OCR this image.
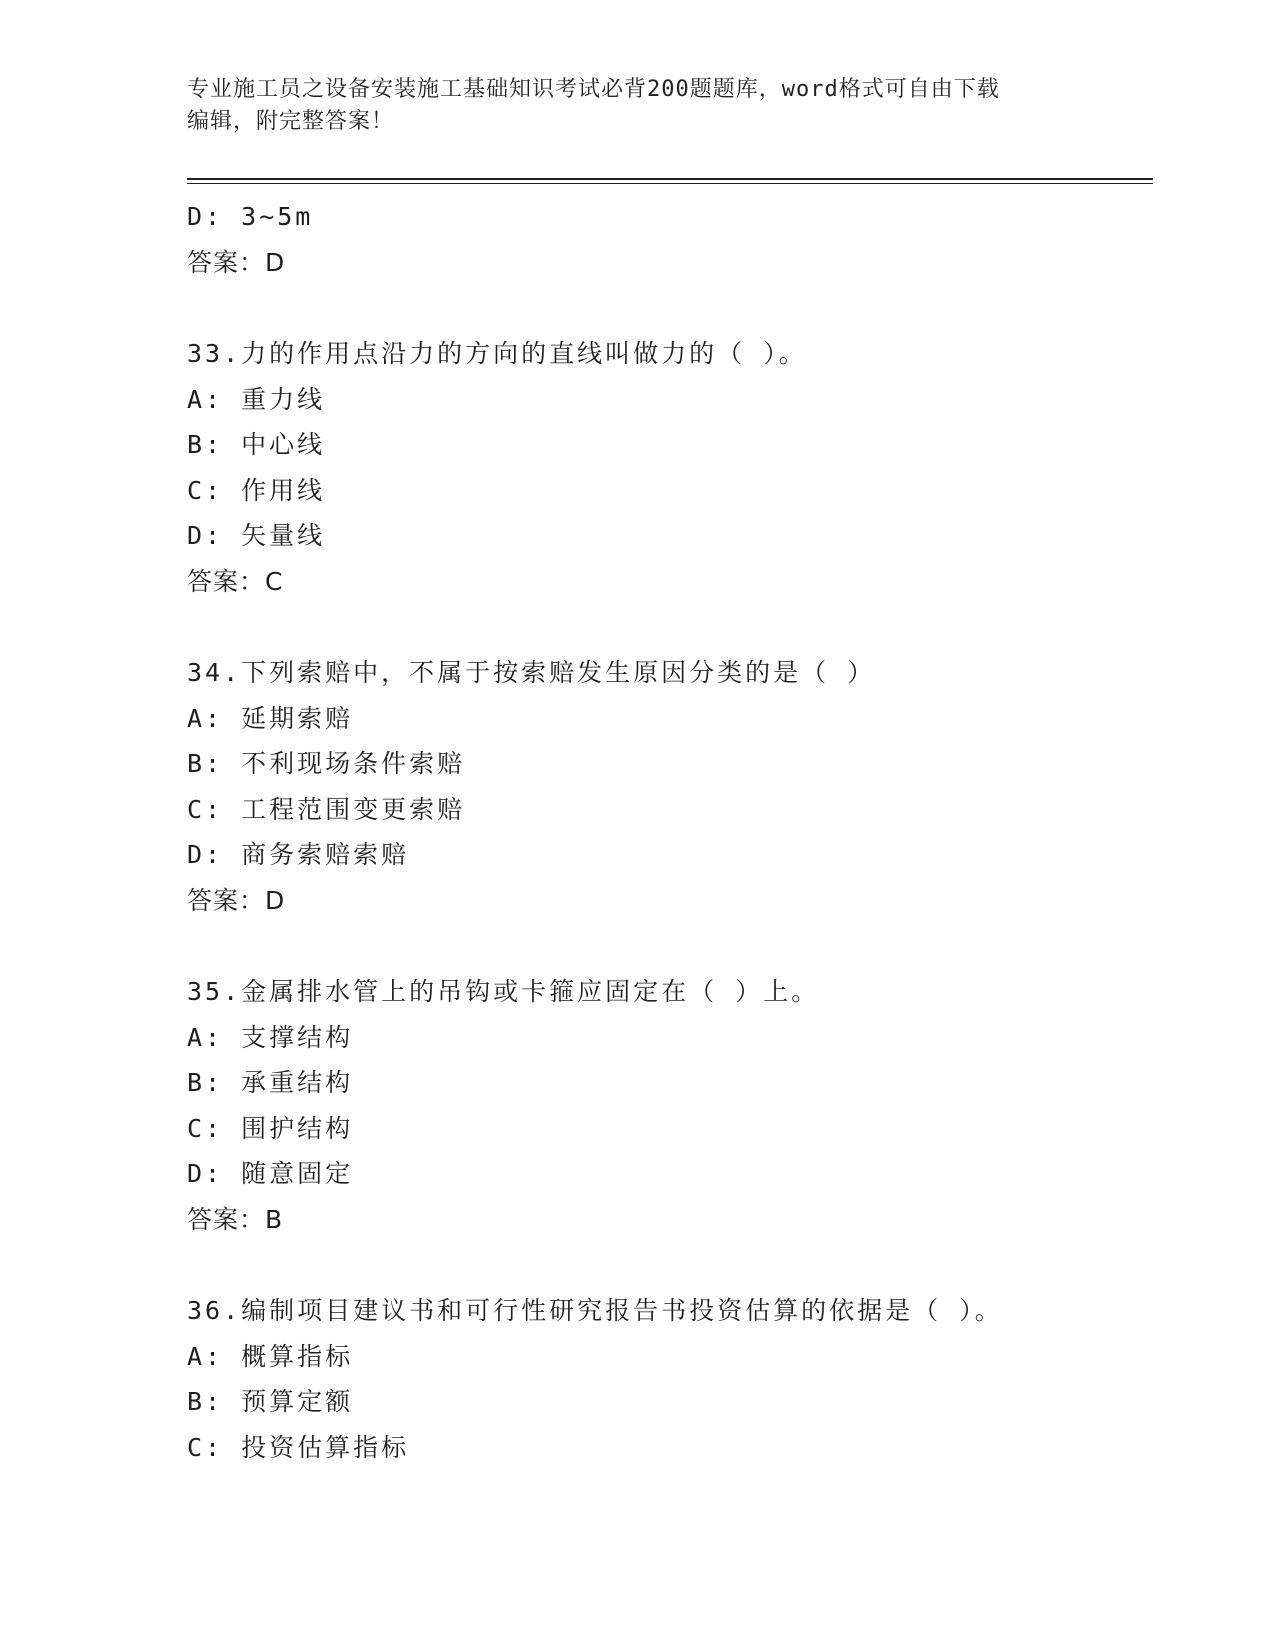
专业施工员之设备安装施工基础知识考试必背200题题库，word格式可自由下载
编辑，附完整答案！
D: 3~5m
答案：D
33.力的作用点沿力的方向的直线叫做力的（ ）。
A: 重力线
B: 中心线
C: 作用线
D: 矢量线
答案：C
34.下列索赔中，不属于按索赔发生原因分类的是（ ）
A: 延期索赔
B: 不利现场条件索赔
C: 工程范围变更索赔
D: 商务索赔索赔
答案：D
35.金属排水管上的吊钩或卡箍应固定在（ ）上。
A: 支撑结构
B: 承重结构
C: 围护结构
D: 随意固定
答案：B
36.编制项目建议书和可行性研究报告书投资估算的依据是（ ）。
A: 概算指标
B: 预算定额
C: 投资估算指标
